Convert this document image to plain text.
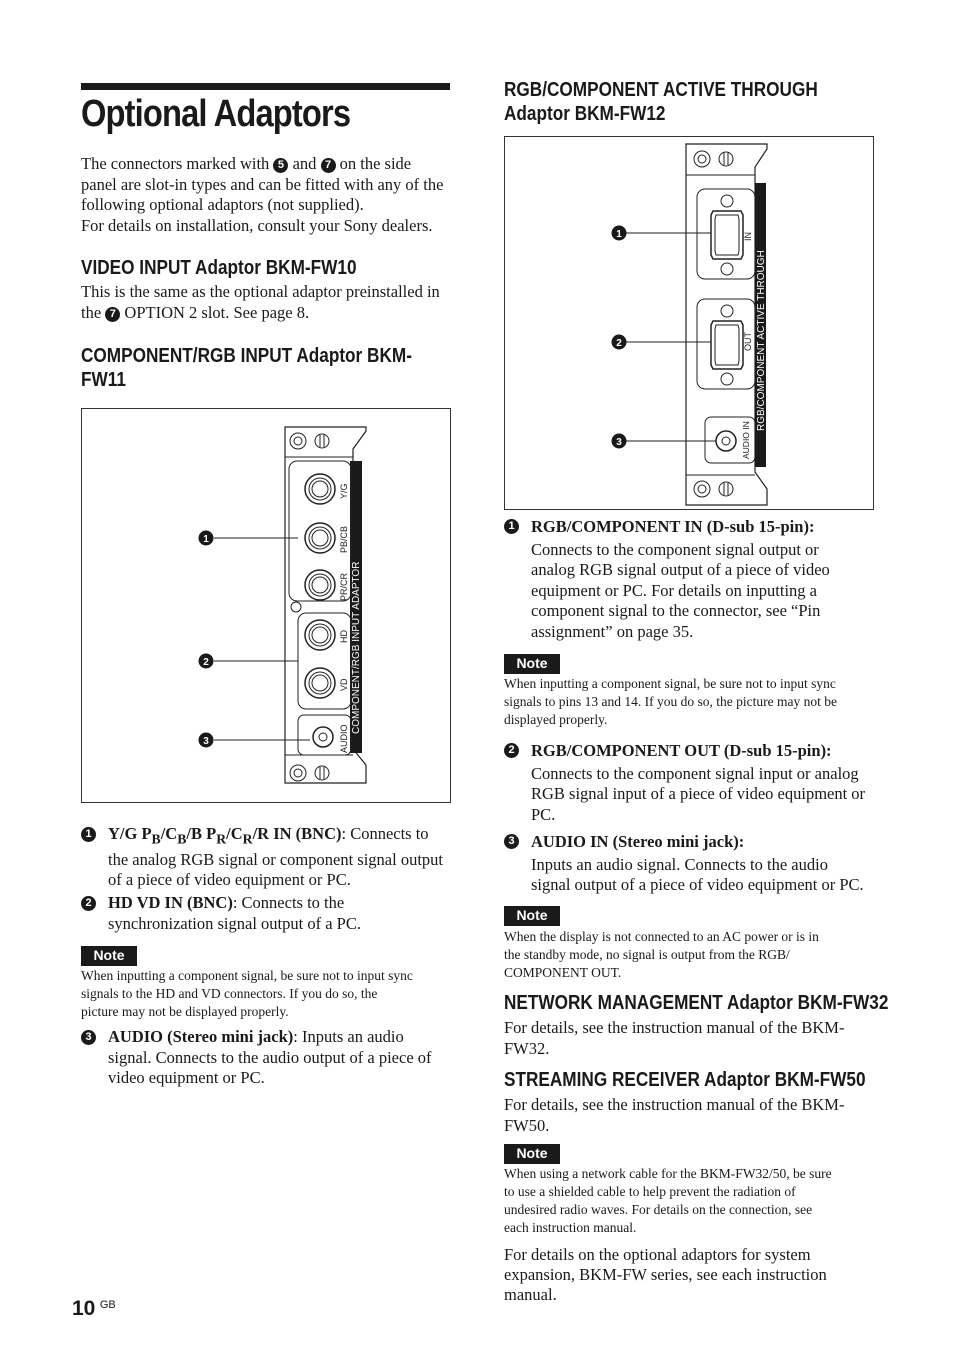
Optional Adaptors
The connectors marked with 5 and 7 on the side
panel are slot-in types and can be fitted with any of the
following optional adaptors (not supplied).
For details on installation, consult your Sony dealers.
VIDEO INPUT Adaptor BKM-FW10
This is the same as the optional adaptor preinstalled in
the 7 OPTION 2 slot. See page 8.
COMPONENT/RGB INPUT Adaptor BKM-
FW11
Y/G
PB/CB
PR/CR
HD
VD
AUDIO
COMPONENT/RGB INPUT ADAPTOR
1
2
3
1 Y/G $P_B/C_B/B$ $P_R/C_R/R$ IN (BNC): Connects to
the analog RGB signal or component signal output
of a piece of video equipment or PC.
2 HD VD IN (BNC): Connects to the
synchronization signal output of a PC.
Note
When inputting a component signal, be sure not to input sync
signals to the HD and VD connectors. If you do so, the
picture may not be displayed properly.
3 AUDIO (Stereo mini jack): Inputs an audio
signal. Connects to the audio output of a piece of
video equipment or PC.
10 $^{GB}$
RGB/COMPONENT ACTIVE THROUGH
Adaptor BKM-FW12
IN
OUT
AUDIO IN
RGB/COMPONENT ACTIVE THROUGH
1
2
3
1 RGB/COMPONENT IN (D-sub 15-pin):
Connects to the component signal output or
analog RGB signal output of a piece of video
equipment or PC. For details on inputting a
component signal to the connector, see “Pin
assignment” on page 35.
Note
When inputting a component signal, be sure not to input sync
signals to pins 13 and 14. If you do so, the picture may not be
displayed properly.
2 RGB/COMPONENT OUT (D-sub 15-pin):
Connects to the component signal input or analog
RGB signal input of a piece of video equipment or
PC.
3 AUDIO IN (Stereo mini jack):
Inputs an audio signal. Connects to the audio
signal output of a piece of video equipment or PC.
Note
When the display is not connected to an AC power or is in
the standby mode, no signal is output from the RGB/
COMPONENT OUT.
NETWORK MANAGEMENT Adaptor BKM-FW32
For details, see the instruction manual of the BKM-
FW32.
STREAMING RECEIVER Adaptor BKM-FW50
For details, see the instruction manual of the BKM-
FW50.
Note
When using a network cable for the BKM-FW32/50, be sure
to use a shielded cable to help prevent the radiation of
undesired radio waves. For details on the connection, see
each instruction manual.
For details on the optional adaptors for system
expansion, BKM-FW series, see each instruction
manual.
